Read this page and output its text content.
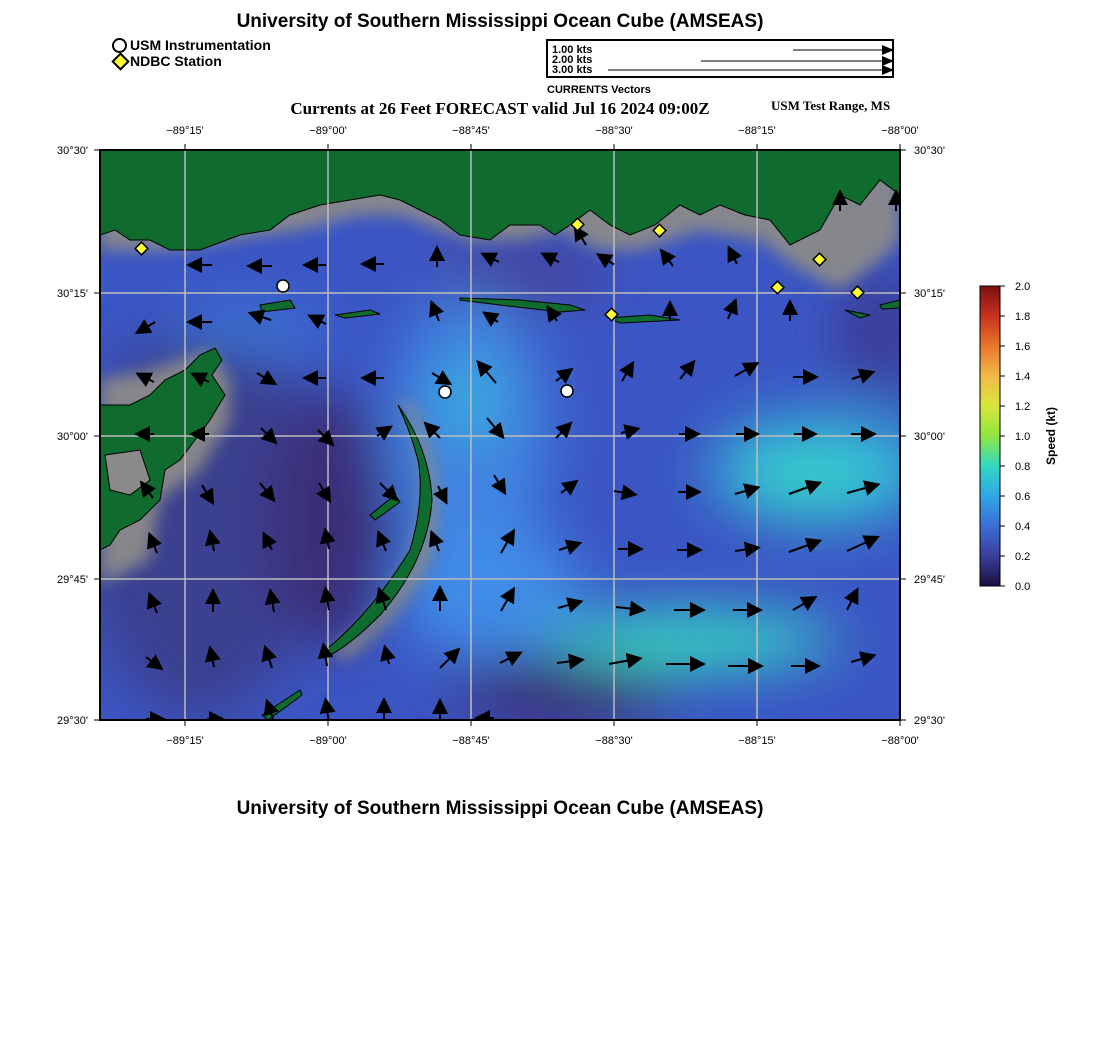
University of Southern Mississippi Ocean Cube (AMSEAS)
University of Southern Mississippi Ocean Cube (AMSEAS)
USM Instrumentation
NDBC Station
1.00 kts
2.00 kts
3.00 kts
CURRENTS Vectors
Currents at 26 Feet FORECAST valid Jul 16 2024 09:00Z	USM Test Range, MS
−89°15'	−89°00'	−88°45'	−88°30'	−88°15'	−88°00'
−89°15'	−89°00'	−88°45'	−88°30'	−88°15'	−88°00'
30°30'
30°15'
30°00'
29°45'
29°30'
30°30'
30°15'
30°00'
29°45'
29°30'
2.0
1.8
1.6
1.4
1.2
1.0
0.8
0.6
0.4
0.2
0.0
Speed (kt)
